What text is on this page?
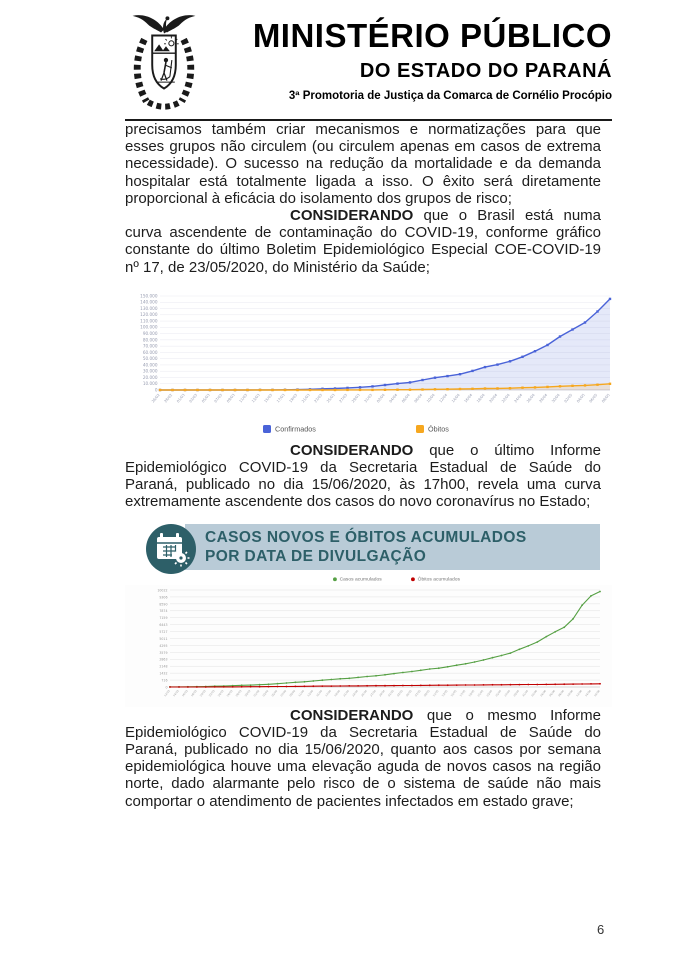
MINISTÉRIO PÚBLICO
DO ESTADO DO PARANÁ
3ª Promotoria de Justiça da Comarca de Cornélio Procópio

precisamos também criar mecanismos e normatizações para que esses grupos não circulem (ou circulem apenas em casos de extrema necessidade). O sucesso na redução da mortalidade e da demanda hospitalar está totalmente ligada a isso. O êxito será diretamente proporcional à eficácia do isolamento dos grupos de risco;

CONSIDERANDO que o Brasil está numa curva ascendente de contaminação do COVID-19, conforme gráfico constante do último Boletim Epidemiológico Especial COE-COVID-19 nº 17, de 23/05/2020, do Ministério da Saúde;

0
10.000
20.000
30.000
40.000
50.000
60.000
70.000
80.000
90.000
100.000
110.000
120.000
130.000
140.000
150.000
26/02 28/02 01/03 03/03 05/03 07/03 09/03 11/03 13/03 15/03 17/03 19/03 21/03 23/03 25/03 27/03 29/03 31/03 02/04 04/04 06/04 08/04 10/04 12/04 14/04 16/04 18/04 20/04 22/04 24/04 26/04 28/04 30/04 02/05 04/05 06/05 08/05
Confirmados	Óbitos

CONSIDERANDO que o último Informe Epidemiológico COVID-19 da Secretaria Estadual de Saúde do Paraná, publicado no dia 15/06/2020, às 17h00, revela uma curva extremamente ascendente dos casos do novo coronavírus no Estado;

CASOS NOVOS E ÓBITOS ACUMULADOS
POR DATA DE DIVULGAÇÃO
Casos acumulados	Óbitos acumulados
0
716
1432
2148
2863
3579
4295
5011
5727
6443
7159
7874
8590
9306
10022
12/03 14/03 16/03 18/03 20/03 22/03 24/03 26/03 28/03 30/03 01/04 03/04 05/04 07/04 09/04 11/04 13/04 15/04 17/04 19/04 21/04 23/04 25/04 27/04 29/04 01/05 03/05 05/05 07/05 09/05 11/05 13/05 15/05 17/05 19/05 21/05 23/05 25/05 27/05 29/05 31/05 02/06 04/06 06/06 08/06 10/06 12/06 14/06 15/06

CONSIDERANDO que o mesmo Informe Epidemiológico COVID-19 da Secretaria Estadual de Saúde do Paraná, publicado no dia 15/06/2020, quanto aos casos por semana epidemiológica houve uma elevação aguda de novos casos na região norte, dado alarmante pelo risco de o sistema de saúde não mais comportar o atendimento de pacientes infectados em estado grave;

6
